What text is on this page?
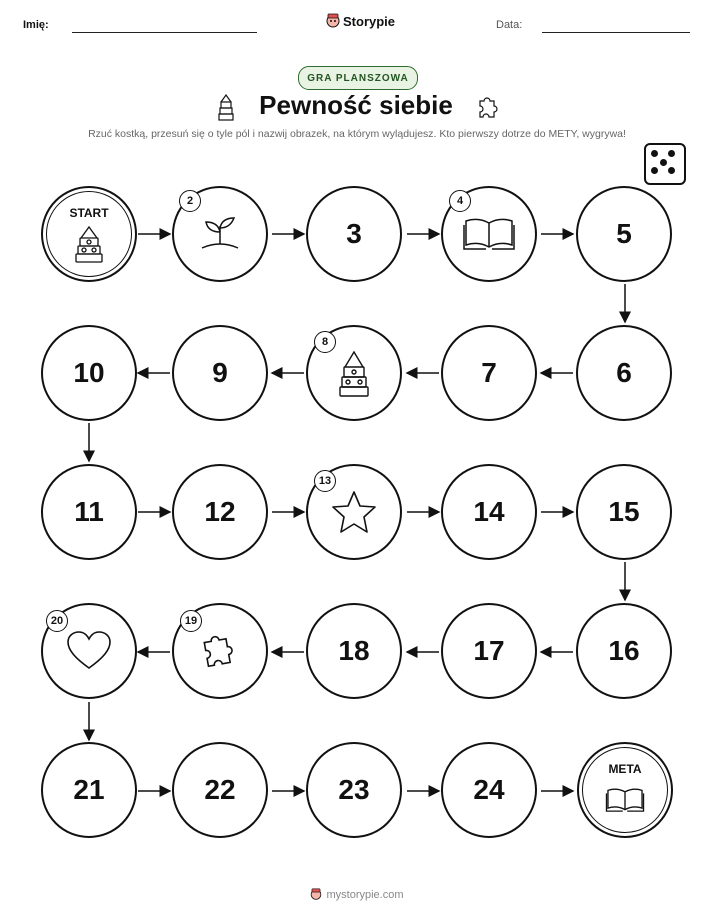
Imię:	Storypie	Data:
GRA PLANSZOWA
Pewność siebie
Rzuć kostką, przesuń się o tyle pól i nazwij obrazek, na którym wylądujesz. Kto pierwszy dotrze do METY, wygrywa!
START
2
3
4
5
10	9
8
7	6
11	12
13
14	15
20	19
18	17	16
21	22	23	24
META
mystorypie.com
